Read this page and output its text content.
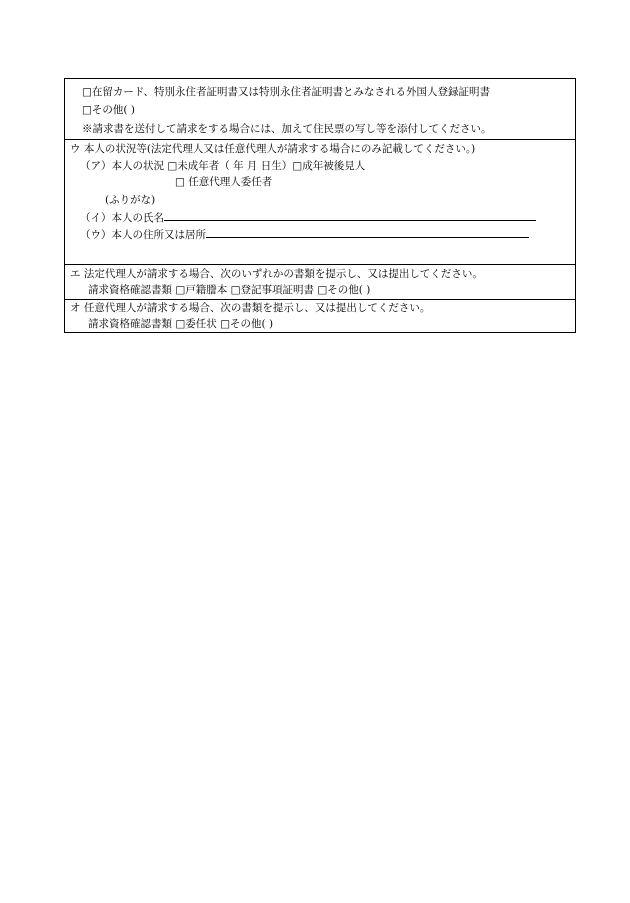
□在留カード、特別永住者証明書又は特別永住者証明書とみなされる外国人登録証明書
□その他( )
※請求書を送付して請求をする場合には、加えて住民票の写し等を添付してください。
ウ 本人の状況等(法定代理人又は任意代理人が請求する場合にのみ記載してください。)
（ア）本人の状況 □未成年者（ 年 月 日生）□成年被後見人
□ 任意代理人委任者
(ふりがな)
（イ）本人の氏名
（ウ）本人の住所又は居所
エ 法定代理人が請求する場合、次のいずれかの書類を提示し、又は提出してください。
請求資格確認書類 □戸籍謄本 □登記事項証明書 □その他( )
オ 任意代理人が請求する場合、次の書類を提示し、又は提出してください。
請求資格確認書類 □委任状 □その他( )
